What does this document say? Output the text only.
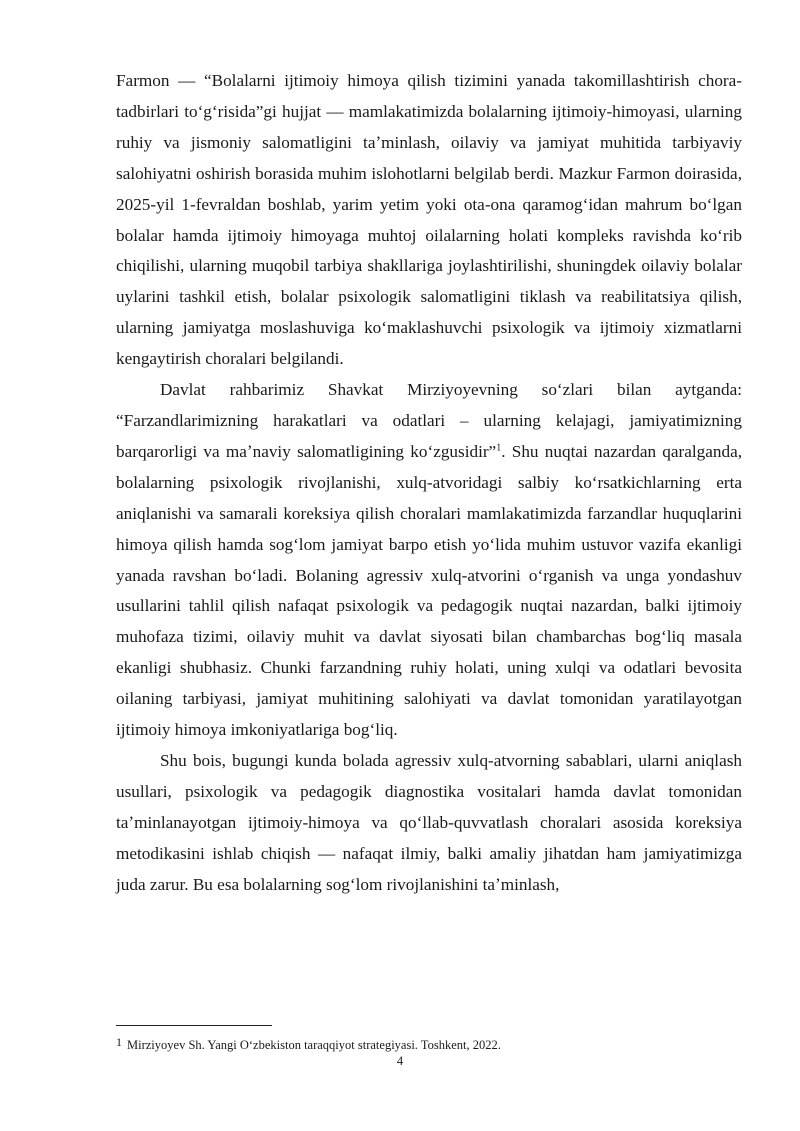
Farmon — “Bolalarni ijtimoiy himoya qilish tizimini yanada takomillashtirish chora-tadbirlari toʻgʻrisida”gi hujjat — mamlakatimizda bolalarning ijtimoiy-himoyasi, ularning ruhiy va jismoniy salomatligini taʼminlash, oilaviy va jamiyat muhitida tarbiyaviy salohiyatni oshirish borasida muhim islohotlarni belgilab berdi. Mazkur Farmon doirasida, 2025-yil 1-fevraldan boshlab, yarim yetim yoki ota-ona qaramogʻidan mahrum boʻlgan bolalar hamda ijtimoiy himoyaga muhtoj oilalarning holati kompleks ravishda koʻrib chiqilishi, ularning muqobil tarbiya shakllariga joylashtirilishi, shuningdek oilaviy bolalar uylarini tashkil etish, bolalar psixologik salomatligini tiklash va reabilitatsiya qilish, ularning jamiyatga moslashuviga koʻmaklashuvchi psixologik va ijtimoiy xizmatlarni kengaytirish choralari belgilandi.

Davlat rahbarimiz Shavkat Mirziyoyevning soʻzlari bilan aytganda: “Farzandlarimizning harakatlari va odatlari – ularning kelajagi, jamiyatimizning barqarorligi va maʼnaviy salomatligining koʻzgusidir”$^1$. Shu nuqtai nazardan qaralganda, bolalarning psixologik rivojlanishi, xulq-atvoridagi salbiy koʻrsatkichlarning erta aniqlanishi va samarali koreksiya qilish choralari mamlakatimizda farzandlar huquqlarini himoya qilish hamda sogʻlom jamiyat barpo etish yoʻlida muhim ustuvor vazifa ekanligi yanada ravshan boʻladi. Bolaning agressiv xulq-atvorini oʻrganish va unga yondashuv usullarini tahlil qilish nafaqat psixologik va pedagogik nuqtai nazardan, balki ijtimoiy muhofaza tizimi, oilaviy muhit va davlat siyosati bilan chambarchas bogʻliq masala ekanligi shubhasiz. Chunki farzandning ruhiy holati, uning xulqi va odatlari bevosita oilaning tarbiyasi, jamiyat muhitining salohiyati va davlat tomonidan yaratilayotgan ijtimoiy himoya imkoniyatlariga bogʻliq.

Shu bois, bugungi kunda bolada agressiv xulq-atvorning sabablari, ularni aniqlash usullari, psixologik va pedagogik diagnostika vositalari hamda davlat tomonidan taʼminlanayotgan ijtimoiy-himoya va qoʻllab-quvvatlash choralari asosida koreksiya metodikasini ishlab chiqish — nafaqat ilmiy, balki amaliy jihatdan ham jamiyatimizga juda zarur. Bu esa bolalarning sogʻlom rivojlanishini taʼminlash,

1 Mirziyoyev Sh. Yangi Oʻzbekiston taraqqiyot strategiyasi. Toshkent, 2022.
4
